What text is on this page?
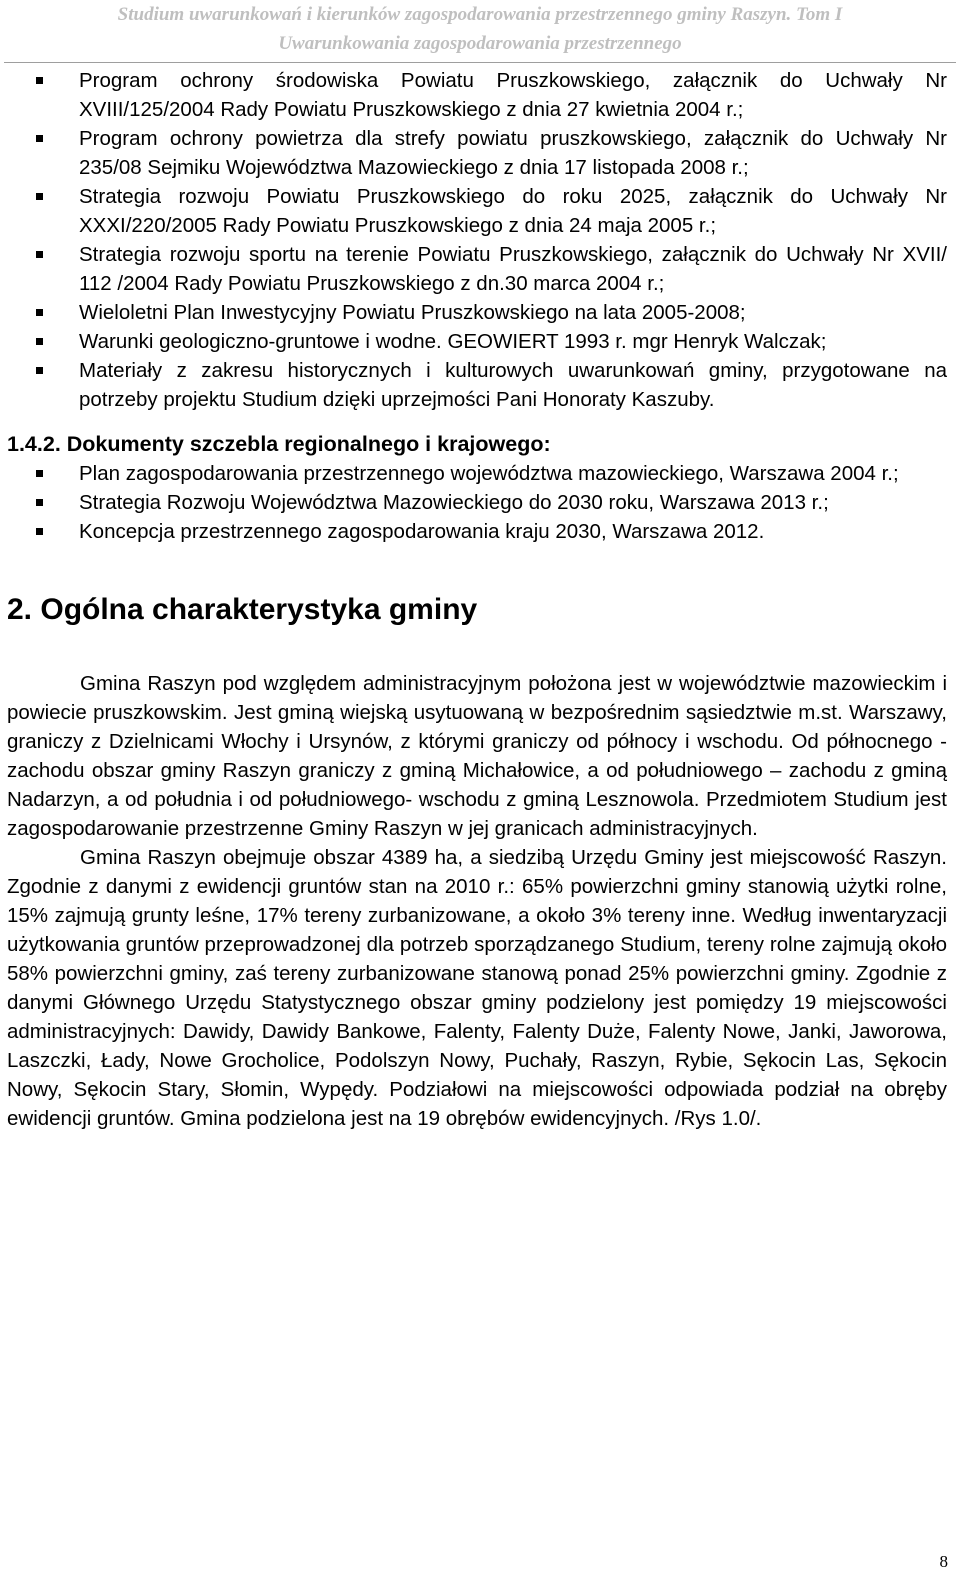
Studium uwarunkowań i kierunków zagospodarowania przestrzennego gminy Raszyn. Tom I
Uwarunkowania zagospodarowania przestrzennego
Program ochrony środowiska Powiatu Pruszkowskiego, załącznik do Uchwały Nr XVIII/125/2004 Rady Powiatu Pruszkowskiego z dnia 27 kwietnia 2004 r.;
Program ochrony powietrza dla strefy powiatu pruszkowskiego, załącznik do Uchwały Nr 235/08 Sejmiku Województwa Mazowieckiego z dnia 17 listopada 2008 r.;
Strategia rozwoju Powiatu Pruszkowskiego do roku 2025, załącznik do Uchwały Nr XXXI/220/2005 Rady Powiatu Pruszkowskiego z dnia 24 maja 2005 r.;
Strategia rozwoju sportu na terenie Powiatu Pruszkowskiego, załącznik do Uchwały Nr XVII/ 112 /2004 Rady Powiatu Pruszkowskiego z dn.30 marca 2004 r.;
Wieloletni Plan Inwestycyjny Powiatu Pruszkowskiego na lata 2005-2008;
Warunki geologiczno-gruntowe i wodne. GEOWIERT 1993 r. mgr Henryk Walczak;
Materiały z zakresu historycznych i kulturowych uwarunkowań gminy, przygotowane na potrzeby projektu Studium dzięki uprzejmości Pani Honoraty Kaszuby.
1.4.2. Dokumenty szczebla regionalnego i krajowego:
Plan zagospodarowania przestrzennego województwa mazowieckiego, Warszawa 2004 r.;
Strategia Rozwoju Województwa Mazowieckiego do 2030 roku, Warszawa 2013 r.;
Koncepcja przestrzennego zagospodarowania kraju 2030, Warszawa 2012.
2. Ogólna charakterystyka gminy

Gmina Raszyn pod względem administracyjnym położona jest w województwie mazowieckim i powiecie pruszkowskim. Jest gminą wiejską usytuowaną w bezpośrednim sąsiedztwie m.st. Warszawy, graniczy z Dzielnicami Włochy i Ursynów, z którymi graniczy od północy i wschodu. Od północnego - zachodu obszar gminy Raszyn graniczy z gminą Michałowice, a od południowego – zachodu z gminą Nadarzyn, a od południa i od południowego- wschodu z gminą Lesznowola. Przedmiotem Studium jest zagospodarowanie przestrzenne Gminy Raszyn w jej granicach administracyjnych.

Gmina Raszyn obejmuje obszar 4389 ha, a siedzibą Urzędu Gminy jest miejscowość Raszyn. Zgodnie z danymi z ewidencji gruntów stan na 2010 r.: 65% powierzchni gminy stanowią użytki rolne, 15% zajmują grunty leśne, 17% tereny zurbanizowane, a około 3% tereny inne. Według inwentaryzacji użytkowania gruntów przeprowadzonej dla potrzeb sporządzanego Studium, tereny rolne zajmują około 58% powierzchni gminy, zaś tereny zurbanizowane stanową ponad 25% powierzchni gminy. Zgodnie z danymi Głównego Urzędu Statystycznego obszar gminy podzielony jest pomiędzy 19 miejscowości administracyjnych: Dawidy, Dawidy Bankowe, Falenty, Falenty Duże, Falenty Nowe, Janki, Jaworowa, Laszczki, Łady, Nowe Grocholice, Podolszyn Nowy, Puchały, Raszyn, Rybie, Sękocin Las, Sękocin Nowy, Sękocin Stary, Słomin, Wypędy. Podziałowi na miejscowości odpowiada podział na obręby ewidencji gruntów. Gmina podzielona jest na 19 obrębów ewidencyjnych. /Rys 1.0/.

8
